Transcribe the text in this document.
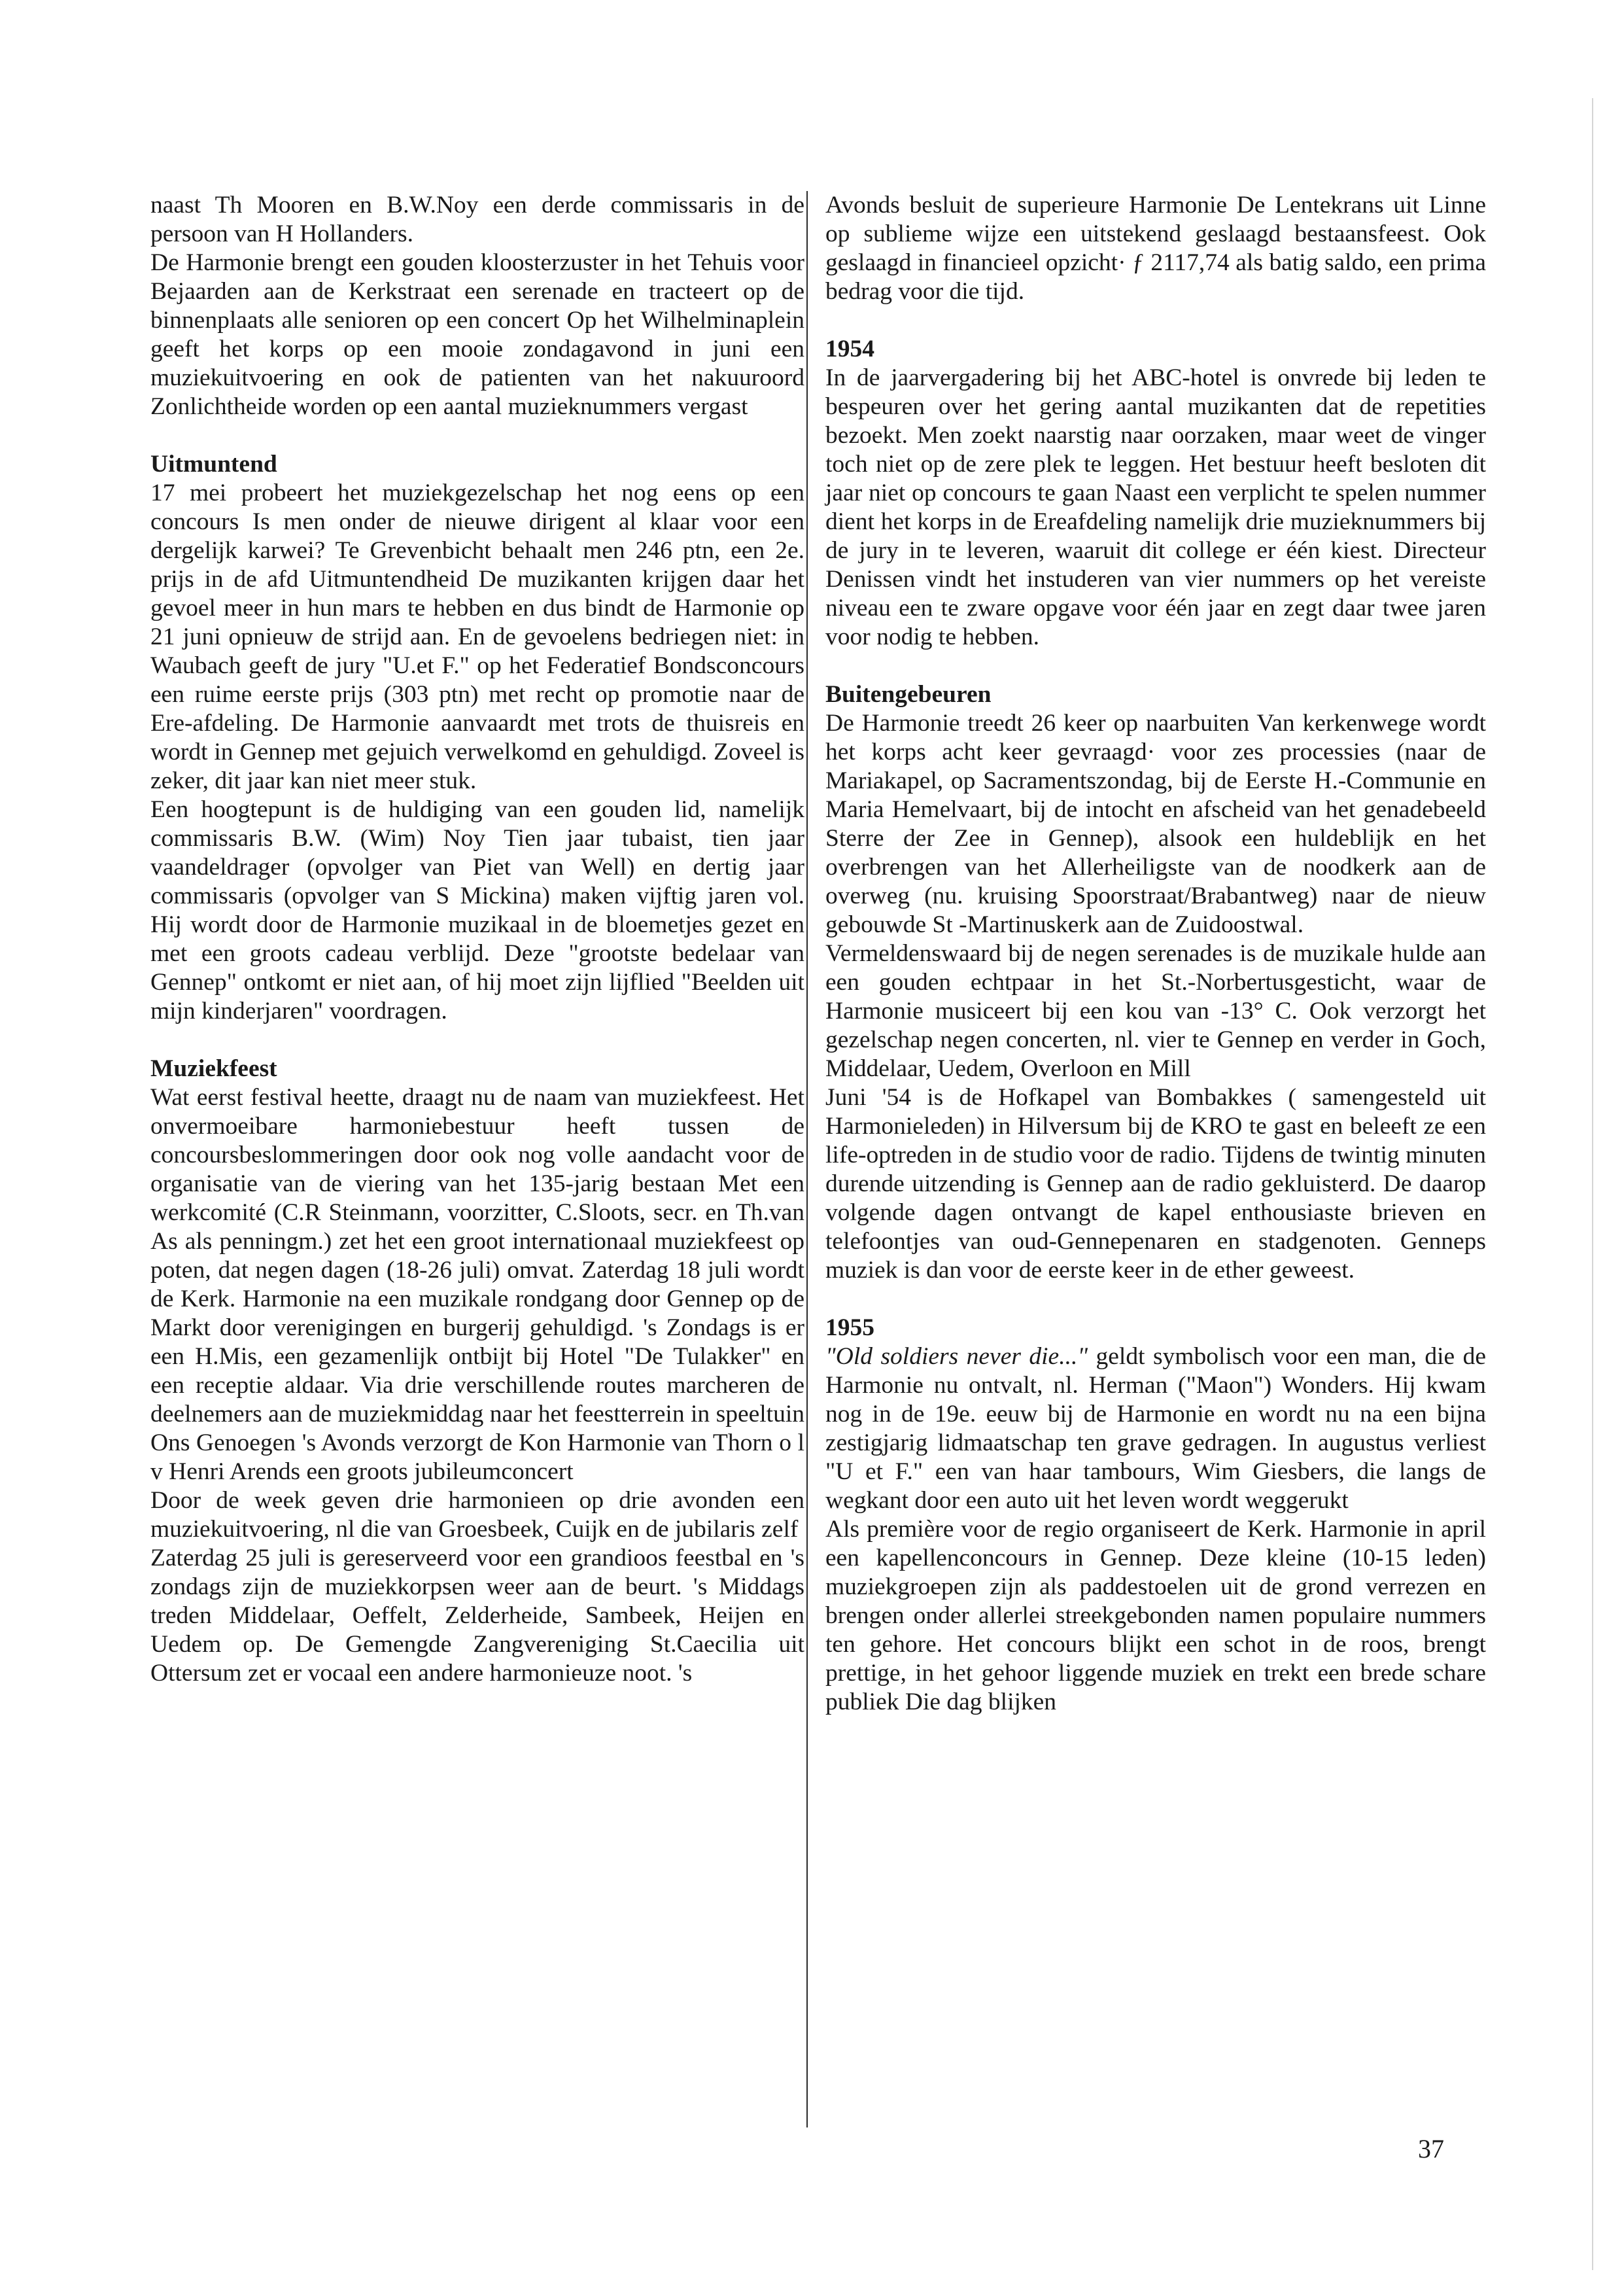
naast Th Mooren en B.W.Noy een derde commissaris in de persoon van H Hollanders.

De Harmonie brengt een gouden kloosterzuster in het Tehuis voor Bejaarden aan de Kerkstraat een serenade en tracteert op de binnenplaats alle senioren op een concert Op het Wilhelminaplein geeft het korps op een mooie zondagavond in juni een muziekuitvoering en ook de patienten van het nakuuroord Zonlichtheide worden op een aantal muzieknummers vergast

Uitmuntend

17 mei probeert het muziekgezelschap het nog eens op een concours Is men onder de nieuwe dirigent al klaar voor een dergelijk karwei? Te Grevenbicht behaalt men 246 ptn, een 2e. prijs in de afd Uitmuntendheid De muzikanten krijgen daar het gevoel meer in hun mars te hebben en dus bindt de Harmonie op 21 juni opnieuw de strijd aan. En de gevoelens bedriegen niet: in Waubach geeft de jury "U.et F." op het Federatief Bondsconcours een ruime eerste prijs (303 ptn) met recht op promotie naar de Ere-afdeling. De Harmonie aanvaardt met trots de thuisreis en wordt in Gennep met gejuich verwelkomd en gehuldigd. Zoveel is zeker, dit jaar kan niet meer stuk.

Een hoogtepunt is de huldiging van een gouden lid, namelijk commissaris B.W. (Wim) Noy Tien jaar tubaist, tien jaar vaandeldrager (opvolger van Piet van Well) en dertig jaar commissaris (opvolger van S Mickina) maken vijftig jaren vol. Hij wordt door de Harmonie muzikaal in de bloemetjes gezet en met een groots cadeau verblijd. Deze "grootste bedelaar van Gennep" ontkomt er niet aan, of hij moet zijn lijflied "Beelden uit mijn kinderjaren" voordragen.

Muziekfeest

Wat eerst festival heette, draagt nu de naam van muziekfeest. Het onvermoeibare harmoniebestuur heeft tussen de concoursbeslommeringen door ook nog volle aandacht voor de organisatie van de viering van het 135-jarig bestaan Met een werkcomité (C.R Steinmann, voorzitter, C.Sloots, secr. en Th.van As als penningm.) zet het een groot internationaal muziekfeest op poten, dat negen dagen (18-26 juli) omvat. Zaterdag 18 juli wordt de Kerk. Harmonie na een muzikale rondgang door Gennep op de Markt door verenigingen en burgerij gehuldigd. 's Zondags is er een H.Mis, een gezamenlijk ontbijt bij Hotel "De Tulakker" en een receptie aldaar. Via drie verschillende routes marcheren de deelnemers aan de muziekmiddag naar het feestterrein in speeltuin Ons Genoegen 's Avonds verzorgt de Kon Harmonie van Thorn o l v Henri Arends een groots jubileumconcert

Door de week geven drie harmonieen op drie avonden een muziekuitvoering, nl die van Groesbeek, Cuijk en de jubilaris zelf

Zaterdag 25 juli is gereserveerd voor een grandioos feestbal en 's zondags zijn de muziekkorpsen weer aan de beurt. 's Middags treden Middelaar, Oeffelt, Zelderheide, Sambeek, Heijen en Uedem op. De Gemengde Zangvereniging St.Caecilia uit Ottersum zet er vocaal een andere harmonieuze noot. 's

Avonds besluit de superieure Harmonie De Lentekrans uit Linne op sublieme wijze een uitstekend geslaagd bestaansfeest. Ook geslaagd in financieel opzicht· ƒ 2117,74 als batig saldo, een prima bedrag voor die tijd.

1954

In de jaarvergadering bij het ABC-hotel is onvrede bij leden te bespeuren over het gering aantal muzikanten dat de repetities bezoekt. Men zoekt naarstig naar oorzaken, maar weet de vinger toch niet op de zere plek te leggen. Het bestuur heeft besloten dit jaar niet op concours te gaan Naast een verplicht te spelen nummer dient het korps in de Ereafdeling namelijk drie muzieknummers bij de jury in te leveren, waaruit dit college er één kiest. Directeur Denissen vindt het instuderen van vier nummers op het vereiste niveau een te zware opgave voor één jaar en zegt daar twee jaren voor nodig te hebben.

Buitengebeuren

De Harmonie treedt 26 keer op naarbuiten Van kerkenwege wordt het korps acht keer gevraagd· voor zes processies (naar de Mariakapel, op Sacramentszondag, bij de Eerste H.-Communie en Maria Hemelvaart, bij de intocht en afscheid van het genadebeeld Sterre der Zee in Gennep), alsook een huldeblijk en het overbrengen van het Allerheiligste van de noodkerk aan de overweg (nu. kruising Spoorstraat/Brabantweg) naar de nieuw gebouwde St -Martinuskerk aan de Zuidoostwal.

Vermeldenswaard bij de negen serenades is de muzikale hulde aan een gouden echtpaar in het St.-Norbertusgesticht, waar de Harmonie musiceert bij een kou van -13° C. Ook verzorgt het gezelschap negen concerten, nl. vier te Gennep en verder in Goch, Middelaar, Uedem, Overloon en Mill

Juni '54 is de Hofkapel van Bombakkes ( samengesteld uit Harmonieleden) in Hilversum bij de KRO te gast en beleeft ze een life-optreden in de studio voor de radio. Tijdens de twintig minuten durende uitzending is Gennep aan de radio gekluisterd. De daarop volgende dagen ontvangt de kapel enthousiaste brieven en telefoontjes van oud-Gennepenaren en stadgenoten. Genneps muziek is dan voor de eerste keer in de ether geweest.

1955

"Old soldiers never die..." geldt symbolisch voor een man, die de Harmonie nu ontvalt, nl. Herman ("Maon") Wonders. Hij kwam nog in de 19e. eeuw bij de Harmonie en wordt nu na een bijna zestigjarig lidmaatschap ten grave gedragen. In augustus verliest "U et F." een van haar tambours, Wim Giesbers, die langs de wegkant door een auto uit het leven wordt weggerukt

Als première voor de regio organiseert de Kerk. Harmonie in april een kapellenconcours in Gennep. Deze kleine (10-15 leden) muziekgroepen zijn als paddestoelen uit de grond verrezen en brengen onder allerlei streekgebonden namen populaire nummers ten gehore. Het concours blijkt een schot in de roos, brengt prettige, in het gehoor liggende muziek en trekt een brede schare publiek Die dag blijken

37
